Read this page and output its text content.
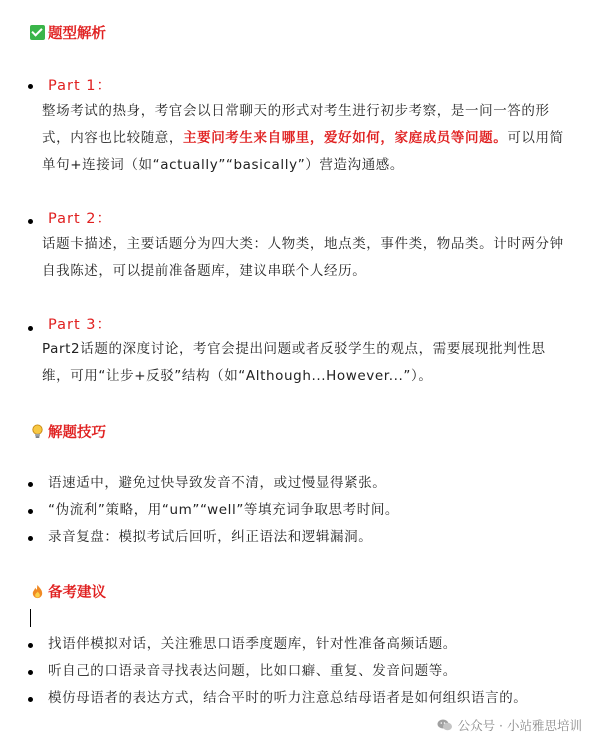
题型解析
Part 1：
整场考试的热身，考官会以日常聊天的形式对考生进行初步考察，是一问一答的形式，内容也比较随意，主要问考生来自哪里，爱好如何，家庭成员等问题。可以用简单句+连接词（如“actually”“basically”）营造沟通感。
Part 2：
话题卡描述，主要话题分为四大类：人物类，地点类，事件类，物品类。计时两分钟自我陈述，可以提前准备题库，建议串联个人经历。
Part 3：
Part2话题的深度讨论，考官会提出问题或者反驳学生的观点，需要展现批判性思维，可用“让步+反驳”结构（如“Although...However...”）。
解题技巧
语速适中，避免过快导致发音不清，或过慢显得紧张。
“伪流利”策略，用“um”“well”等填充词争取思考时间。
录音复盘：模拟考试后回听，纠正语法和逻辑漏洞。
备考建议
找语伴模拟对话，关注雅思口语季度题库，针对性准备高频话题。
听自己的口语录音寻找表达问题，比如口癖、重复、发音问题等。
模仿母语者的表达方式，结合平时的听力注意总结母语者是如何组织语言的。
公众号 · 小站雅思培训
